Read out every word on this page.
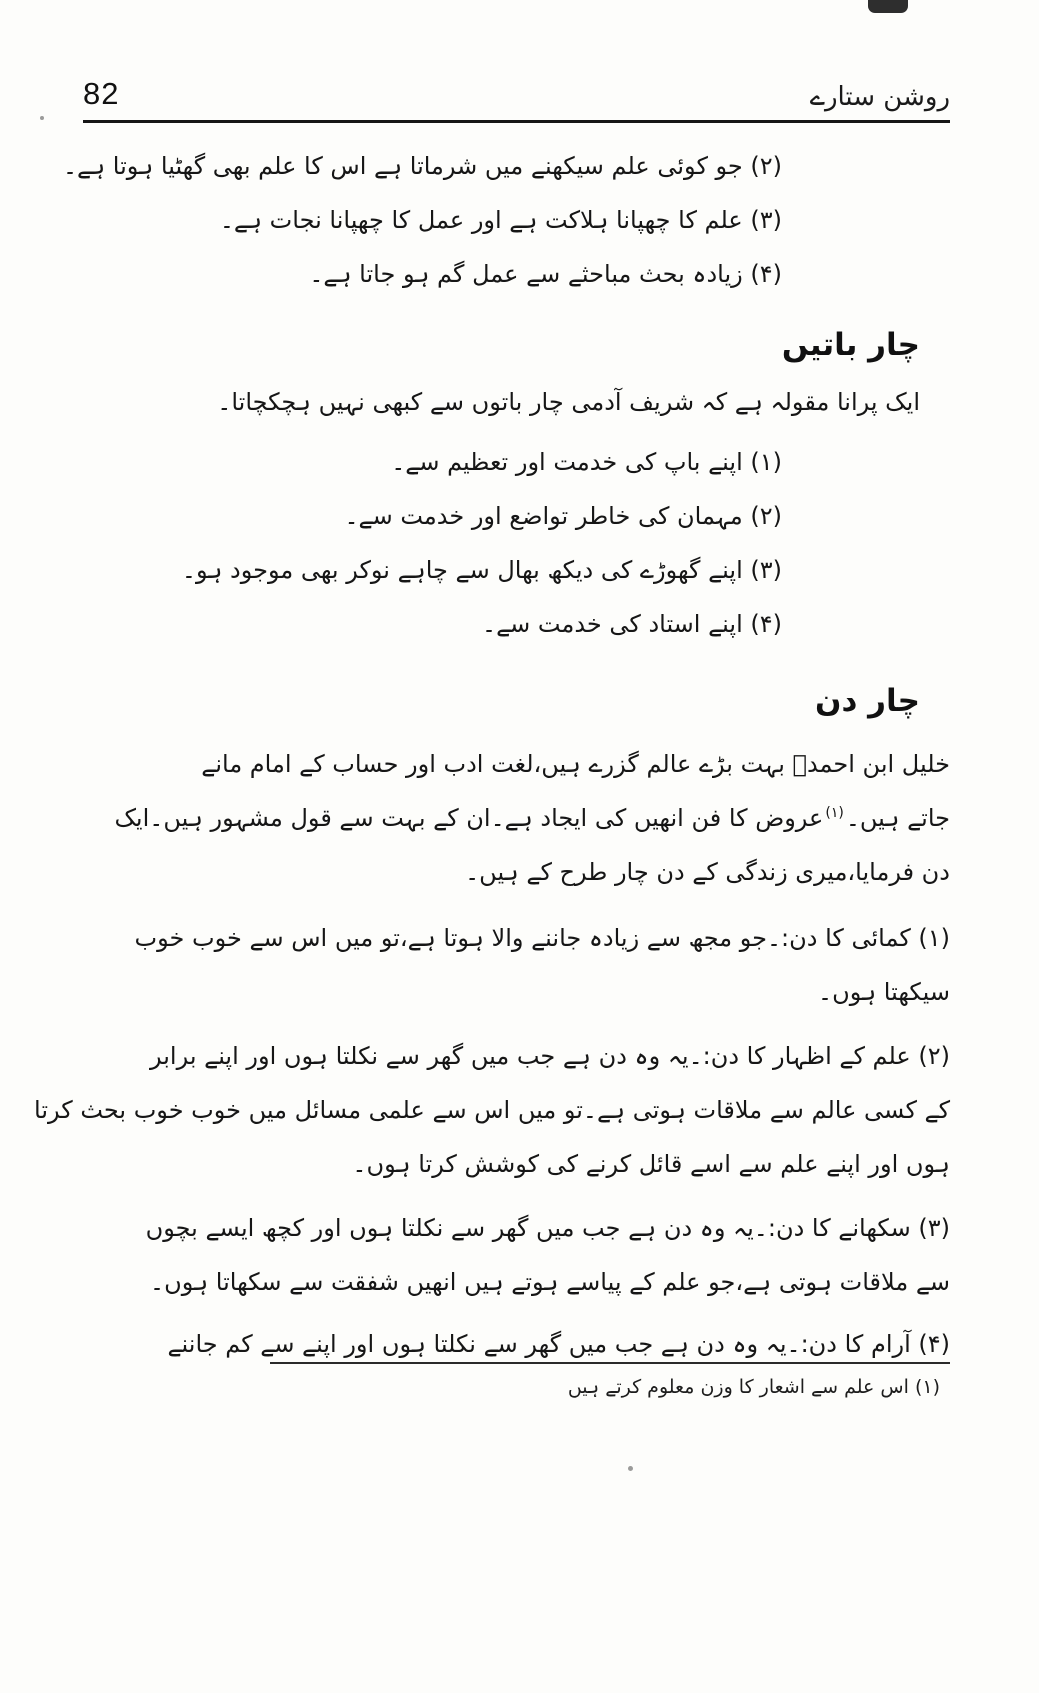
82	روشن ستارے

(۲) جو کوئی علم سیکھنے میں شرماتا ہے اس کا علم بھی گھٹیا ہوتا ہے۔

(۳) علم کا چھپانا ہلاکت ہے اور عمل کا چھپانا نجات ہے۔

(۴) زیادہ بحث مباحثے سے عمل گم ہو جاتا ہے۔

چار باتیں

ایک پرانا مقولہ ہے کہ شریف آدمی چار باتوں سے کبھی نہیں ہچکچاتا۔

(۱) اپنے باپ کی خدمت اور تعظیم سے۔

(۲) مہمان کی خاطر تواضع اور خدمت سے۔

(۳) اپنے گھوڑے کی دیکھ بھال سے چاہے نوکر بھی موجود ہو۔

(۴) اپنے استاد کی خدمت سے۔

چار دن

خلیل ابن احمدؒ بہت بڑے عالم گزرے ہیں،لغت ادب اور حساب کے امام مانے

جاتے ہیں۔$^{(۱)}$عروض کا فن انھیں کی ایجاد ہے۔ان کے بہت سے قول مشہور ہیں۔ایک

دن فرمایا،میری زندگی کے دن چار طرح کے ہیں۔

(۱) کمائی کا دن:۔جو مجھ سے زیادہ جاننے والا ہوتا ہے،تو میں اس سے خوب خوب

سیکھتا ہوں۔

(۲) علم کے اظہار کا دن:۔یہ وہ دن ہے جب میں گھر سے نکلتا ہوں اور اپنے برابر

کے کسی عالم سے ملاقات ہوتی ہے۔تو میں اس سے علمی مسائل میں خوب خوب بحث کرتا

ہوں اور اپنے علم سے اسے قائل کرنے کی کوشش کرتا ہوں۔

(۳) سکھانے کا دن:۔یہ وہ دن ہے جب میں گھر سے نکلتا ہوں اور کچھ ایسے بچوں

سے ملاقات ہوتی ہے،جو علم کے پیاسے ہوتے ہیں انھیں شفقت سے سکھاتا ہوں۔

(۴) آرام کا دن:۔یہ وہ دن ہے جب میں گھر سے نکلتا ہوں اور اپنے سے کم جاننے

(۱) اس علم سے اشعار کا وزن معلوم کرتے ہیں
